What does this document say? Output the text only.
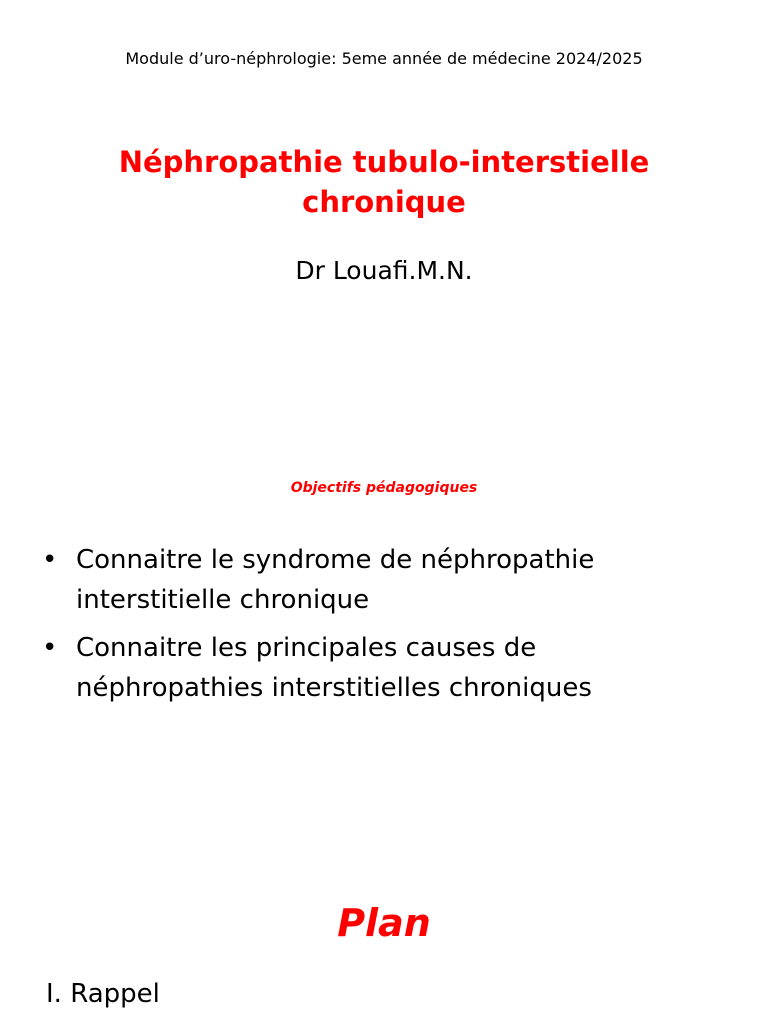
Module d’uro-néphrologie: 5eme année de médecine 2024/2025
Néphropathie tubulo-interstielle
chronique
Dr Louafi.M.N.
Objectifs pédagogiques
• Connaitre le syndrome de néphropathie interstitielle chronique
• Connaitre les principales causes de néphropathies interstitielles chroniques
Plan
I. Rappel
